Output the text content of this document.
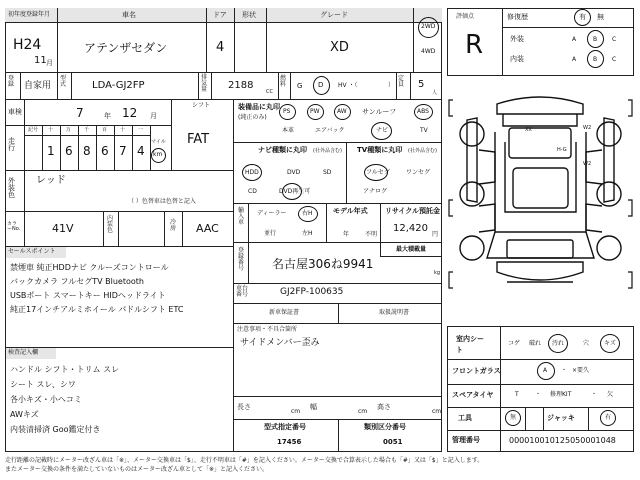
初年度登録年月
H24
11 月
車名
アテンザセダン
ドア
4
形状	グレード
XD
2WD
4WD
登録	自家用
型式	LDA-GJ2FP
排気量 2188
CC
燃料	G D HV ・（	）
定員 5
人
車検	7	年 12 月
シフト
FAT
走行
記号 十	万	千	百	十	一
1 6 8 6 7 4
マイル
km
外装色
レッド
（ ）色替車は色替と記入
カラーNo.	41V
内装色
冷房 AAC
セールスポイント
禁煙車 純正HDDナビ クルーズコントロール
バックカメラ フルセグTV Bluetooth
USBポート スマートキー HIDヘッドライト
純正17インチアルミホイール パドルシフト ETC
検査記入欄
ハンドル シフト・トリム スレ
シート スレ、シワ
各小キズ・小ヘコミ
AWキズ
内装清掃済 Goo鑑定付き
装備品に丸印
(純正のみ)
PS	PW	AW サンルーフ	ABS
本革	エアバック	ナビ	TV
ナビ種類に丸印 (社外品含む) TV種類に丸印 (社外品含む)
HDD	DVD	SD	フルセグ	ワンセグ
CD	DVD再生可	アナログ
輸入車
ディーラー	右H
並行	左H
モデル年式
年	不明
リサイクル預託金
12,420
円
登録番号
最大積載量
名古屋306ね9941
kg
車台番号	GJ2FP-100635
新車保証書	取扱説明書
注意事項・不具合箇所
サイドメンバー歪み
長さ
cm
幅
cm
高さ
cm
型式指定番号
17456
類別区分番号
0051
評価点
R
修復歴	有 無
外装	A	B C
内装	A	B C
XX	W2
H-G
W2
室内シート
コゲ 破れ 汚れ	穴 キズ
フロントガラス	A ・ ×要久
スペアタイヤ	T	・ 修理KIT	・ 欠
工具	無	ジャッキ	有
管理番号	000010010125050001048
走行距離の記載時にメーター改ざん車は「※」、メーター交換車は「$」、走行不明車は「#」を記入ください。メーター交換で合算表示した場合も「#」又は「$」と記入します。
またメーター交換の条件を満たしていないものはメーター改ざん車として「※」と記入ください。
